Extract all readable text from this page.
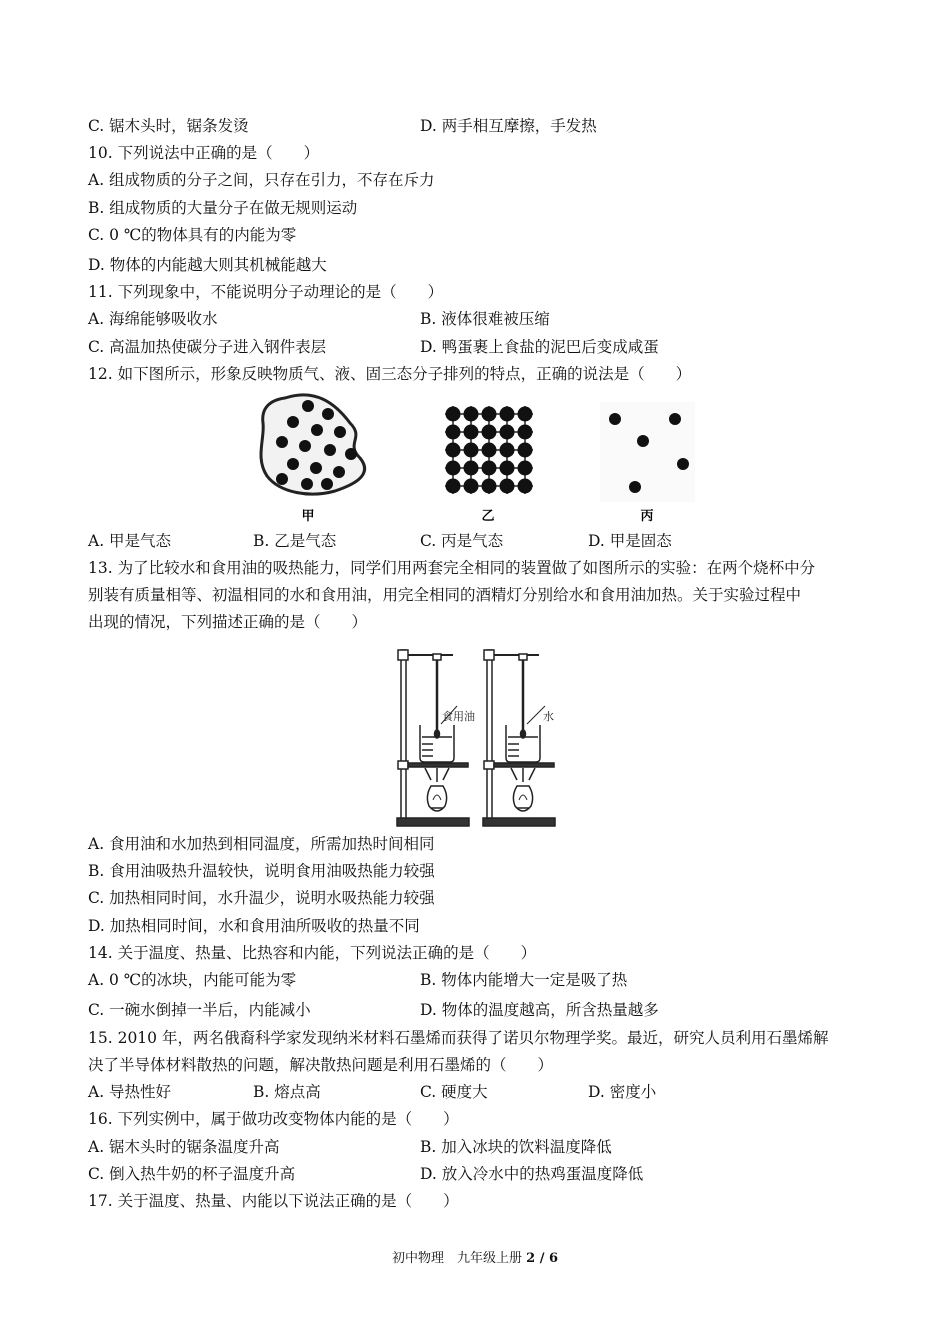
C. 锯木头时，锯条发烫	D. 两手相互摩擦，手发热
10. 下列说法中正确的是（　　）
A. 组成物质的分子之间，只存在引力，不存在斥力
B. 组成物质的大量分子在做无规则运动
C. 0 ℃的物体具有的内能为零
D. 物体的内能越大则其机械能越大
11. 下列现象中，不能说明分子动理论的是（　　）
A. 海绵能够吸收水	B. 液体很难被压缩
C. 高温加热使碳分子进入钢件表层	D. 鸭蛋裹上食盐的泥巴后变成咸蛋
12. 如下图所示，形象反映物质气、液、固三态分子排列的特点，正确的说法是（　　）
甲	乙	丙
A. 甲是气态	B. 乙是气态	C. 丙是气态	D. 甲是固态
13. 为了比较水和食用油的吸热能力，同学们用两套完全相同的装置做了如图所示的实验：在两个烧杯中分
别装有质量相等、初温相同的水和食用油，用完全相同的酒精灯分别给水和食用油加热。关于实验过程中
出现的情况，下列描述正确的是（　　）
食用油	水
A. 食用油和水加热到相同温度，所需加热时间相同
B. 食用油吸热升温较快，说明食用油吸热能力较强
C. 加热相同时间，水升温少，说明水吸热能力较强
D. 加热相同时间，水和食用油所吸收的热量不同
14. 关于温度、热量、比热容和内能，下列说法正确的是（　　）
A. 0 ℃的冰块，内能可能为零	B. 物体内能增大一定是吸了热
C. 一碗水倒掉一半后，内能减小	D. 物体的温度越高，所含热量越多
15. 2010 年，两名俄裔科学家发现纳米材料石墨烯而获得了诺贝尔物理学奖。最近，研究人员利用石墨烯解
决了半导体材料散热的问题，解决散热问题是利用石墨烯的（　　）
A. 导热性好	B. 熔点高	C. 硬度大	D. 密度小
16. 下列实例中，属于做功改变物体内能的是（　　）
A. 锯木头时的锯条温度升高	B. 加入冰块的饮料温度降低
C. 倒入热牛奶的杯子温度升高	D. 放入冷水中的热鸡蛋温度降低
17. 关于温度、热量、内能以下说法正确的是（　　）
初中物理　九年级上册 2 / 6
